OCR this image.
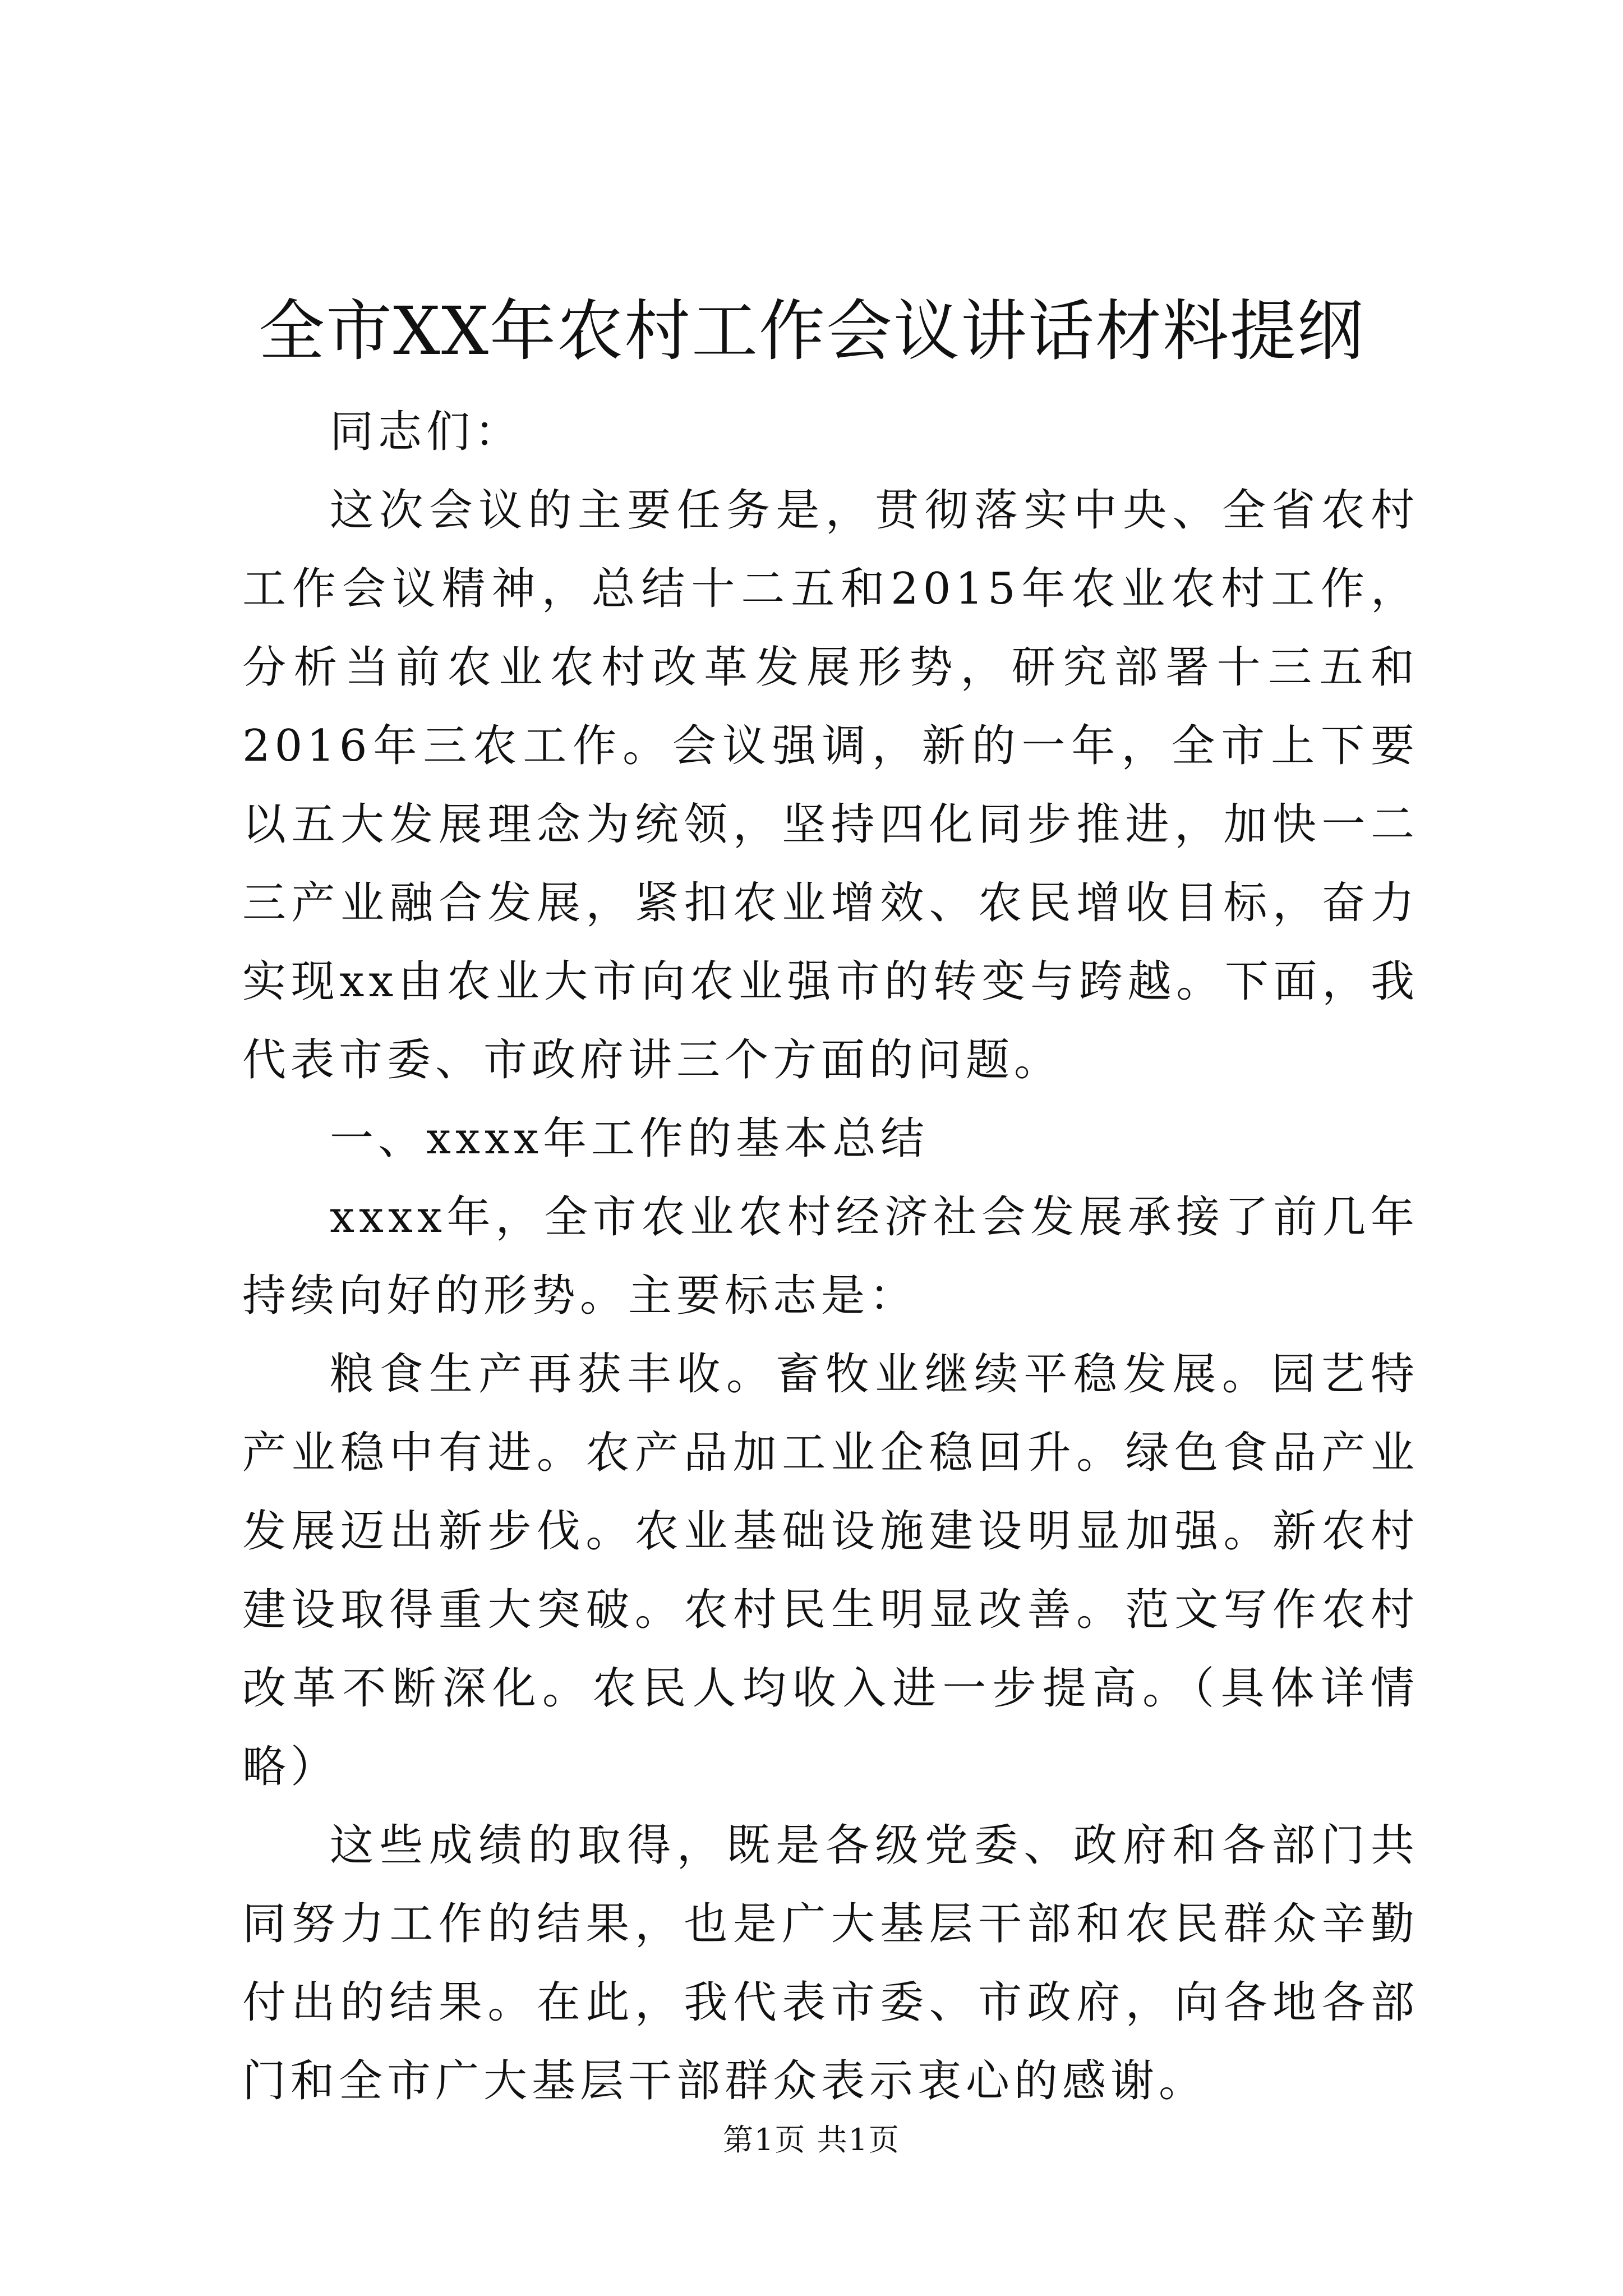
全市XX年农村工作会议讲话材料提纲

同志们：

这次会议的主要任务是，贯彻落实中央、全省农村工作会议精神，总结十二五和2015年农业农村工作，分析当前农业农村改革发展形势，研究部署十三五和2016年三农工作。会议强调，新的一年，全市上下要以五大发展理念为统领，坚持四化同步推进，加快一二三产业融合发展，紧扣农业增效、农民增收目标，奋力实现xx由农业大市向农业强市的转变与跨越。下面，我代表市委、市政府讲三个方面的问题。

一、xxxx年工作的基本总结

xxxx年，全市农业农村经济社会发展承接了前几年持续向好的形势。主要标志是：

粮食生产再获丰收。畜牧业继续平稳发展。园艺特产业稳中有进。农产品加工业企稳回升。绿色食品产业发展迈出新步伐。农业基础设施建设明显加强。新农村建设取得重大突破。农村民生明显改善。范文写作农村改革不断深化。农民人均收入进一步提高。（具体详情略）

这些成绩的取得，既是各级党委、政府和各部门共同努力工作的结果，也是广大基层干部和农民群众辛勤付出的结果。在此，我代表市委、市政府，向各地各部门和全市广大基层干部群众表示衷心的感谢。

第1页 共1页
